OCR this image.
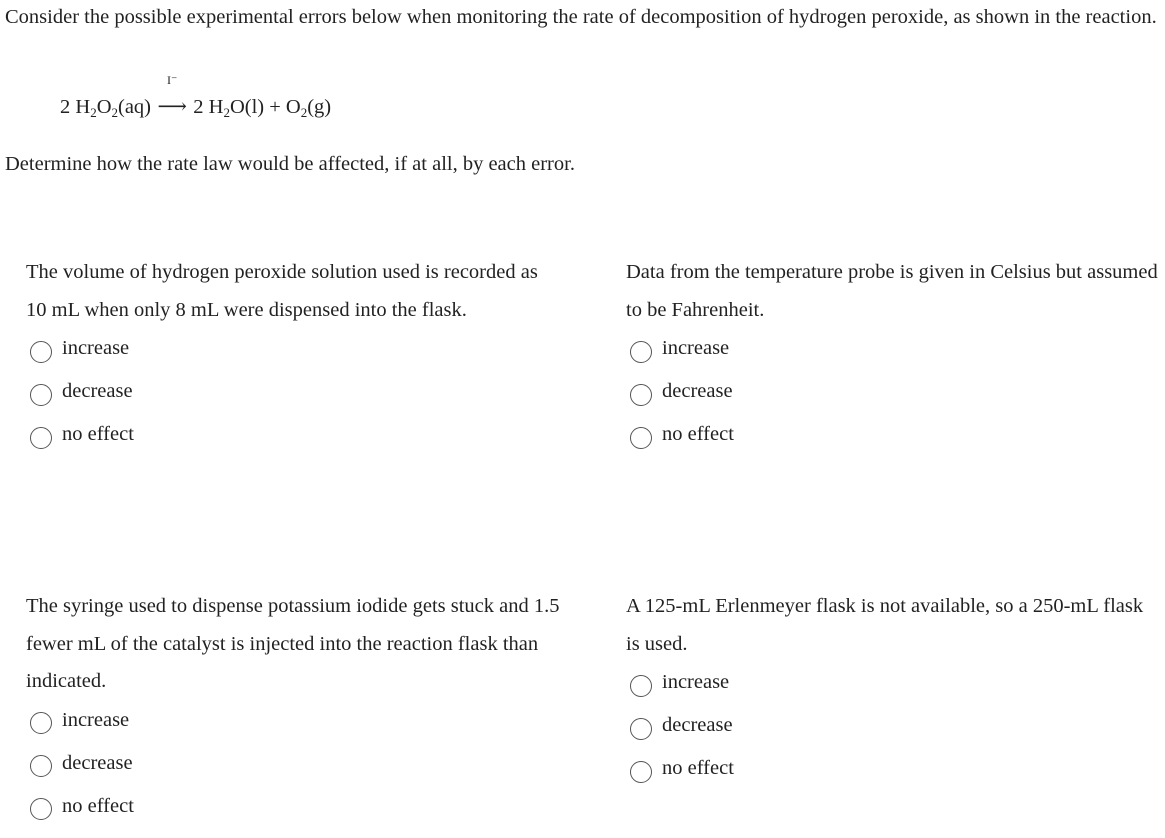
Consider the possible experimental errors below when monitoring the rate of decomposition of hydrogen peroxide, as shown in the reaction.

2 $H_2O_2(aq)$
I⁻
⟶ 2 $H_2O(l) + O_2(g)$

Determine how the rate law would be affected, if at all, by each error.

The volume of hydrogen peroxide solution used is recorded as 10 mL when only 8 mL were dispensed into the flask.

increase
decrease
no effect

Data from the temperature probe is given in Celsius but assumed to be Fahrenheit.

increase
decrease
no effect

The syringe used to dispense potassium iodide gets stuck and 1.5 fewer mL of the catalyst is injected into the reaction flask than indicated.

increase
decrease
no effect

A 125-mL Erlenmeyer flask is not available, so a 250-mL flask is used.

increase
decrease
no effect
